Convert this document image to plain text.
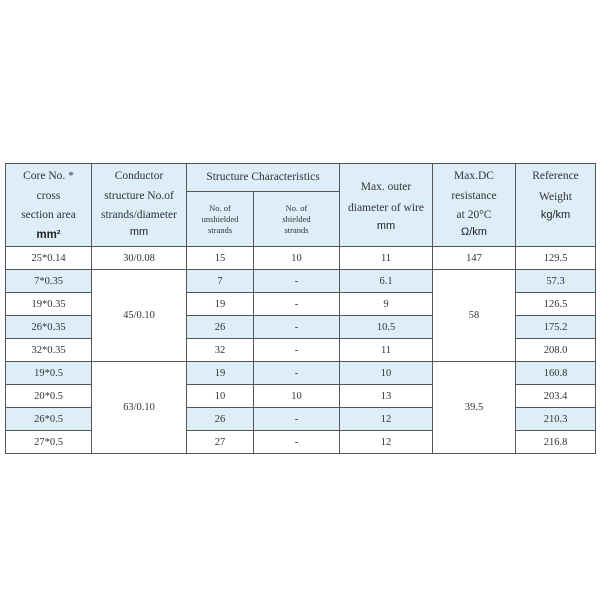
Core No. *
cross
section area
mm²	Conductor
structure No.of
strands/diameter
mm	Structure Characteristics		Max. outer
diameter of wire
mm	Max.DC
resistance
at 20°C
Ω/km	Reference
Weight
kg/km

		No. of
unshielded
strands	No. of
shielded
strands			

25*0.14	30/0.08	15	10	11	147	129.5
7*0.35	45/0.10	7	-	6.1	58	57.3
19*0.35		19	-	9		126.5
26*0.35		26	-	10.5		175.2
32*0.35		32	-	11		208.0
19*0.5	63/0.10	19	-	10	39.5	160.8
20*0.5		10	10	13		203.4
26*0.5		26	-	12		210.3
27*0.5		27	-	12		216.8
